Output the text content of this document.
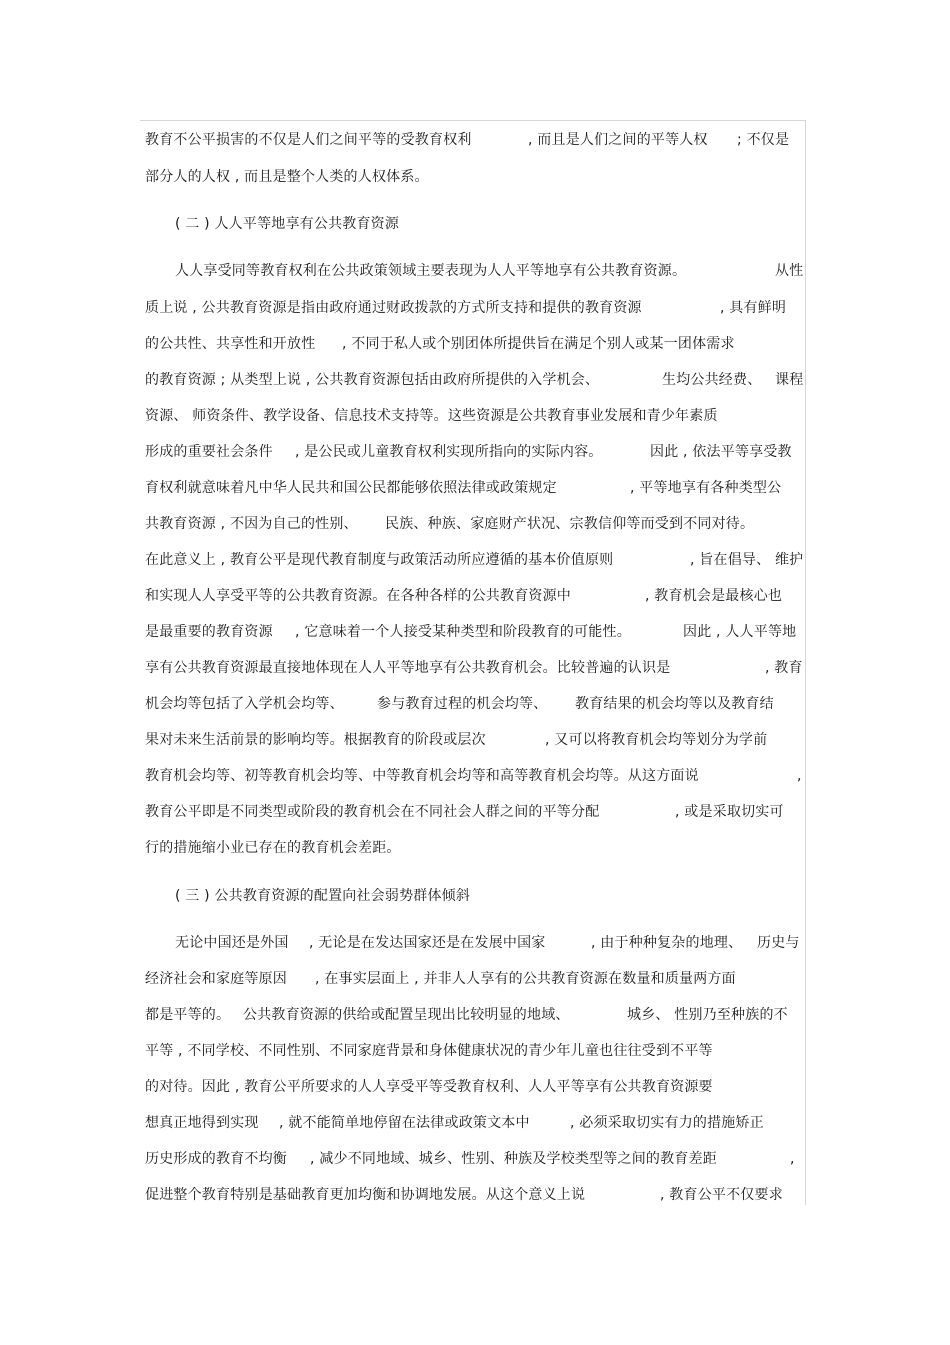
教育不公平损害的不仅是人们之间平等的受教育权利

	, 而且是人们之间的平等人权

; 不仅是

部分人的人权 , 而且是整个人类的人权体系。

( 二 ) 人人平等地享有公共教育资源

人人享受同等教育权利在公共政策领域主要表现为人人平等地享有公共教育资源。

	从性

质上说 , 公共教育资源是指由政府通过财政拨款的方式所支持和提供的教育资源

	, 具有鲜明

的公共性、共享性和开放性

, 不同于私人或个别团体所提供旨在满足个别人或某一团体需求

的教育资源 ; 从类型上说 , 公共教育资源包括由政府所提供的入学机会、

	生均公共经费、

课程

资源、 师资条件、教学设备、信息技术支持等。这些资源是公共教育事业发展和青少年素质

形成的重要社会条件

, 是公民或儿童教育权利实现所指向的实际内容。

	因此 , 依法平等享受教

育权利就意味着凡中华人民共和国公民都能够依照法律或政策规定

	, 平等地享有各种类型公

共教育资源 , 不因为自己的性别、

民族、种族、家庭财产状况、宗教信仰等而受到不同对待。

在此意义上 , 教育公平是现代教育制度与政策活动所应遵循的基本价值原则

	, 旨在倡导、 维护

和实现人人享受平等的公共教育资源。在各种各样的公共教育资源中

	, 教育机会是最核心也

是最重要的教育资源

, 它意味着一个人接受某种类型和阶段教育的可能性。

	因此 , 人人平等地

享有公共教育资源最直接地体现在人人平等地享有公共教育机会。比较普遍的认识是

	, 教育

机会均等包括了入学机会均等、

参与教育过程的机会均等、

教育结果的机会均等以及教育结

果对未来生活前景的影响均等。根据教育的阶段或层次

	, 又可以将教育机会均等划分为学前

教育机会均等、初等教育机会均等、中等教育机会均等和高等教育机会均等。从这方面说

	,

教育公平即是不同类型或阶段的教育机会在不同社会人群之间的平等分配

	, 或是采取切实可

行的措施缩小业已存在的教育机会差距。

( 三 ) 公共教育资源的配置向社会弱势群体倾斜

无论中国还是外国

, 无论是在发达国家还是在发展中国家

	, 由于种种复杂的地理、

历史与

经济社会和家庭等原因

, 在事实层面上 , 并非人人享有的公共教育资源在数量和质量两方面

都是平等的。

公共教育资源的供给或配置呈现出比较明显的地域、

	城乡、 性别乃至种族的不

平等 , 不同学校、不同性别、不同家庭背景和身体健康状况的青少年儿童也往往受到不平等

的对待。因此 , 教育公平所要求的人人享受平等受教育权利、人人平等享有公共教育资源要

想真正地得到实现

, 就不能简单地停留在法律或政策文本中

	, 必须采取切实有力的措施矫正

历史形成的教育不均衡

, 减少不同地域、城乡、性别、种族及学校类型等之间的教育差距

	,

促进整个教育特别是基础教育更加均衡和协调地发展。从这个意义上说

	, 教育公平不仅要求
